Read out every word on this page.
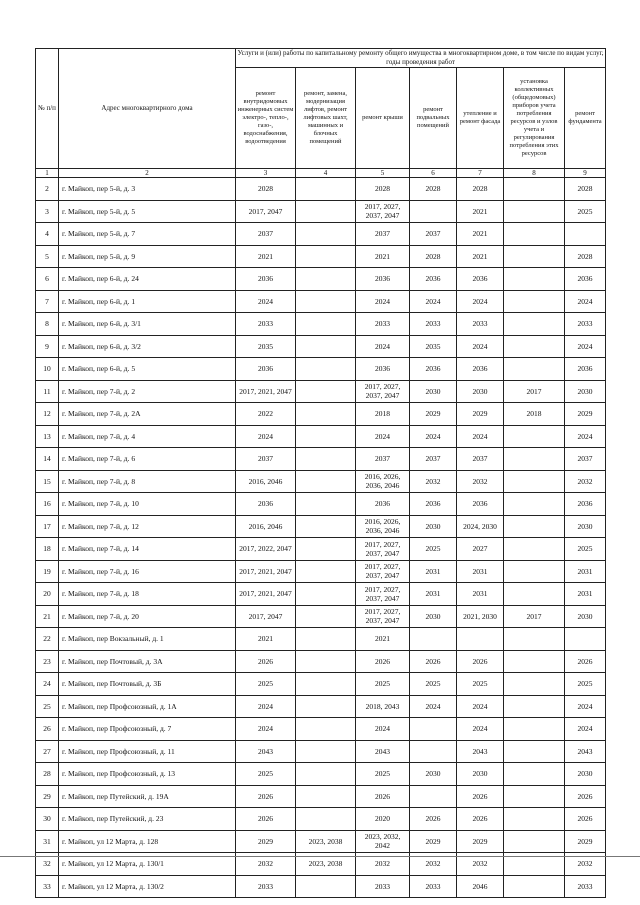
№ п/п	Адрес многоквартирного дома	Услуги и (или) работы по капитальному ремонту общего имущества в многоквартирном доме, в том числе по видам услуг, годы проведения работ						
		ремонт внутридомовых инженерных систем электро-, тепло-, газо-, водоснабжения, водоотведения	ремонт, замена, модернизация лифтов, ремонт лифтовых шахт, машинных и блочных помещений	ремонт крыши	ремонт подвальных помещений	утепление и ремонт фасада	установка коллективных (общедомовых) приборов учета потребления ресурсов и узлов учета и регулирования потребления этих ресурсов	ремонт фундамента
1	2	3	4	5	6	7	8	9
2	г. Майкоп, пер 5-й, д. 3	2028		2028	2028	2028		2028
3	г. Майкоп, пер 5-й, д. 5	2017, 2047		2017, 2027, 2037, 2047		2021		2025
4	г. Майкоп, пер 5-й, д. 7	2037		2037	2037	2021		
5	г. Майкоп, пер 5-й, д. 9	2021		2021	2028	2021		2028
6	г. Майкоп, пер 6-й, д. 24	2036		2036	2036	2036		2036
7	г. Майкоп, пер 6-й, д. 1	2024		2024	2024	2024		2024
8	г. Майкоп, пер 6-й, д. 3/1	2033		2033	2033	2033		2033
9	г. Майкоп, пер 6-й, д. 3/2	2035		2024	2035	2024		2024
10	г. Майкоп, пер 6-й, д. 5	2036		2036	2036	2036		2036
11	г. Майкоп, пер 7-й, д. 2	2017, 2021, 2047		2017, 2027, 2037, 2047	2030	2030	2017	2030
12	г. Майкоп, пер 7-й, д. 2А	2022		2018	2029	2029	2018	2029
13	г. Майкоп, пер 7-й, д. 4	2024		2024	2024	2024		2024
14	г. Майкоп, пер 7-й, д. 6	2037		2037	2037	2037		2037
15	г. Майкоп, пер 7-й, д. 8	2016, 2046		2016, 2026, 2036, 2046	2032	2032		2032
16	г. Майкоп, пер 7-й, д. 10	2036		2036	2036	2036		2036
17	г. Майкоп, пер 7-й, д. 12	2016, 2046		2016, 2026, 2036, 2046	2030	2024, 2030		2030
18	г. Майкоп, пер 7-й, д. 14	2017, 2022, 2047		2017, 2027, 2037, 2047	2025	2027		2025
19	г. Майкоп, пер 7-й, д. 16	2017, 2021, 2047		2017, 2027, 2037, 2047	2031	2031		2031
20	г. Майкоп, пер 7-й, д. 18	2017, 2021, 2047		2017, 2027, 2037, 2047	2031	2031		2031
21	г. Майкоп, пер 7-й, д. 20	2017, 2047		2017, 2027, 2037, 2047	2030	2021, 2030	2017	2030
22	г. Майкоп, пер Вокзальный, д. 1	2021		2021				
23	г. Майкоп, пер Почтовый, д. 3А	2026		2026	2026	2026		2026
24	г. Майкоп, пер Почтовый, д. 3Б	2025		2025	2025	2025		2025
25	г. Майкоп, пер Профсоюзный, д. 1А	2024		2018, 2043	2024	2024		2024
26	г. Майкоп, пер Профсоюзный, д. 7	2024		2024		2024		2024
27	г. Майкоп, пер Профсоюзный, д. 11	2043		2043		2043		2043
28	г. Майкоп, пер Профсоюзный, д. 13	2025		2025	2030	2030		2030
29	г. Майкоп, пер Путейский, д. 19А	2026		2026		2026		2026
30	г. Майкоп, пер Путейский, д. 23	2026		2020	2026	2026		2026
31	г. Майкоп, ул 12 Марта, д. 128	2029	2023, 2038	2023, 2032, 2042	2029	2029		2029
32	г. Майкоп, ул 12 Марта, д. 130/1	2032	2023, 2038	2032	2032	2032		2032
33	г. Майкоп, ул 12 Марта, д. 130/2	2033		2033	2033	2046		2033
